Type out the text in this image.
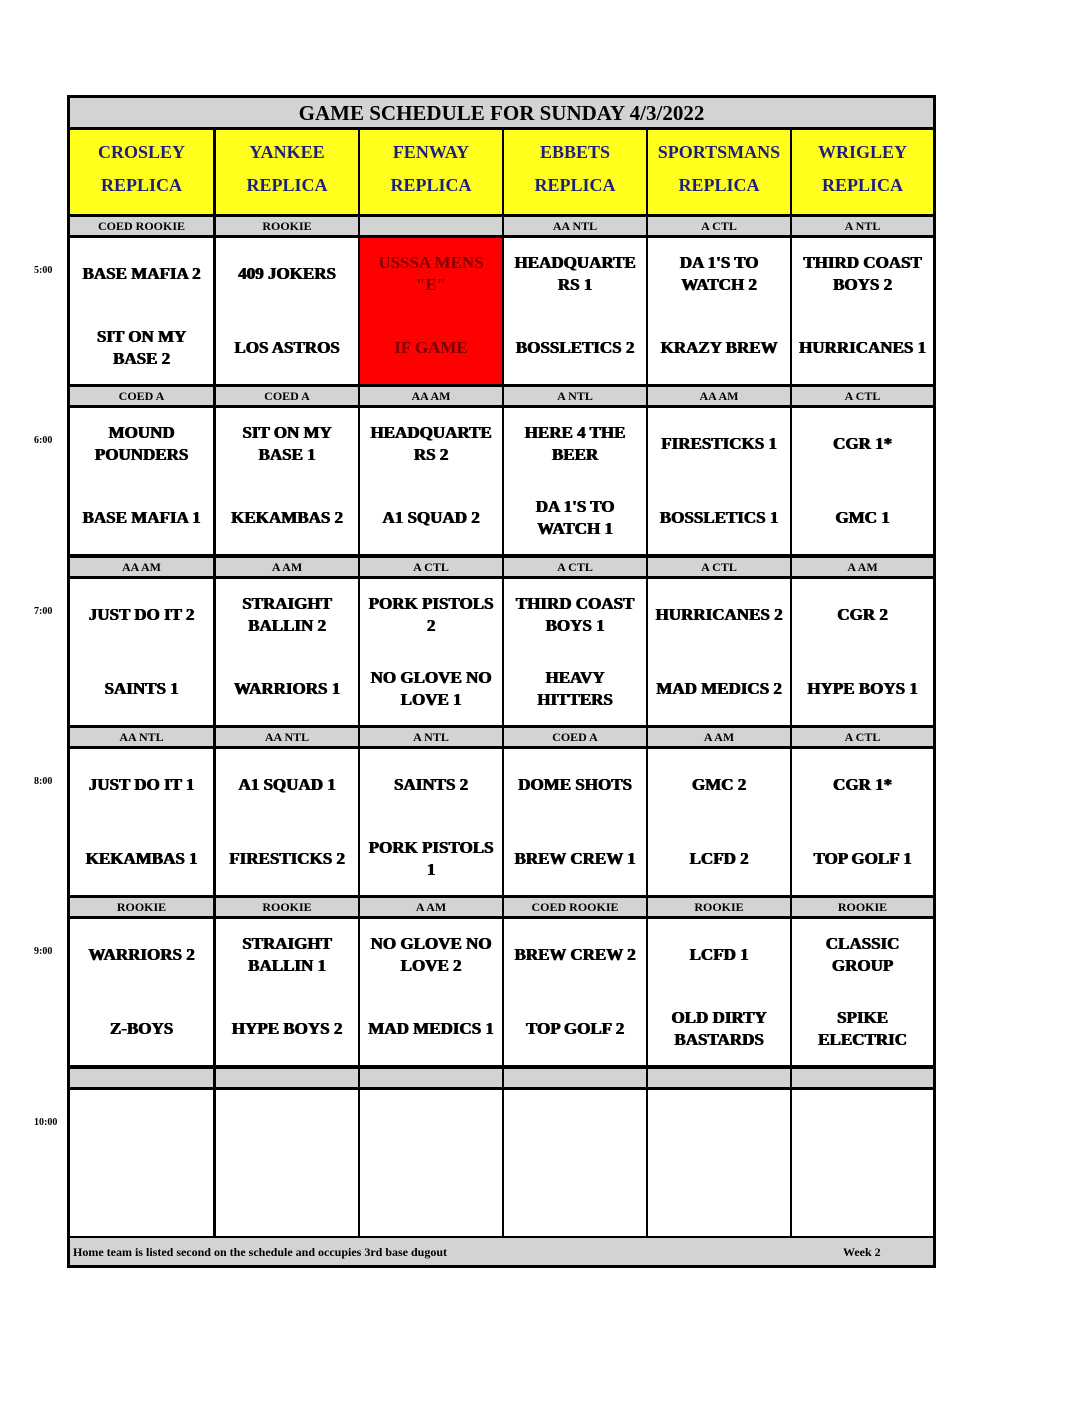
GAME SCHEDULE FOR SUNDAY 4/3/2022
CROSLEY
REPLICA
YANKEE
REPLICA
FENWAY
REPLICA
EBBETS
REPLICA
SPORTSMANS
REPLICA
WRIGLEY
REPLICA
COED ROOKIE
BASE MAFIA 2
SIT ON MY BASE 2
ROOKIE
409 JOKERS
LOS ASTROS
USSSA MENS "E"
IF GAME
AA NTL
HEADQUARTE RS 1
BOSSLETICS 2
A CTL
DA 1'S TO WATCH 2
KRAZY BREW
A NTL
THIRD COAST BOYS 2
HURRICANES 1
COED A
MOUND POUNDERS
BASE MAFIA 1
COED A
SIT ON MY BASE 1
KEKAMBAS 2
AA AM
HEADQUARTE RS 2
A1 SQUAD 2
A NTL
HERE 4 THE BEER
DA 1'S TO WATCH 1
AA AM
FIRESTICKS 1
BOSSLETICS 1
A CTL
CGR 1*
GMC 1
AA AM
JUST DO IT 2
SAINTS 1
A AM
STRAIGHT BALLIN 2
WARRIORS 1
A CTL
PORK PISTOLS 2
NO GLOVE NO LOVE 1
A CTL
THIRD COAST BOYS 1
HEAVY HITTERS
A CTL
HURRICANES 2
MAD MEDICS 2
A AM
CGR 2
HYPE BOYS 1
AA NTL
JUST DO IT 1
KEKAMBAS 1
AA NTL
A1 SQUAD 1
FIRESTICKS 2
A NTL
SAINTS 2
PORK PISTOLS 1
COED A
DOME SHOTS
BREW CREW 1
A AM
GMC 2
LCFD 2
A CTL
CGR 1*
TOP GOLF 1
ROOKIE
WARRIORS 2
Z-BOYS
ROOKIE
STRAIGHT BALLIN 1
HYPE BOYS 2
A AM
NO GLOVE NO LOVE 2
MAD MEDICS 1
COED ROOKIE
BREW CREW 2
TOP GOLF 2
ROOKIE
LCFD 1
OLD DIRTY BASTARDS
ROOKIE
CLASSIC GROUP
SPIKE ELECTRIC
Home team is listed second on the schedule and occupies 3rd base dugout	Week 2
5:00
6:00
7:00
8:00
9:00
10:00
